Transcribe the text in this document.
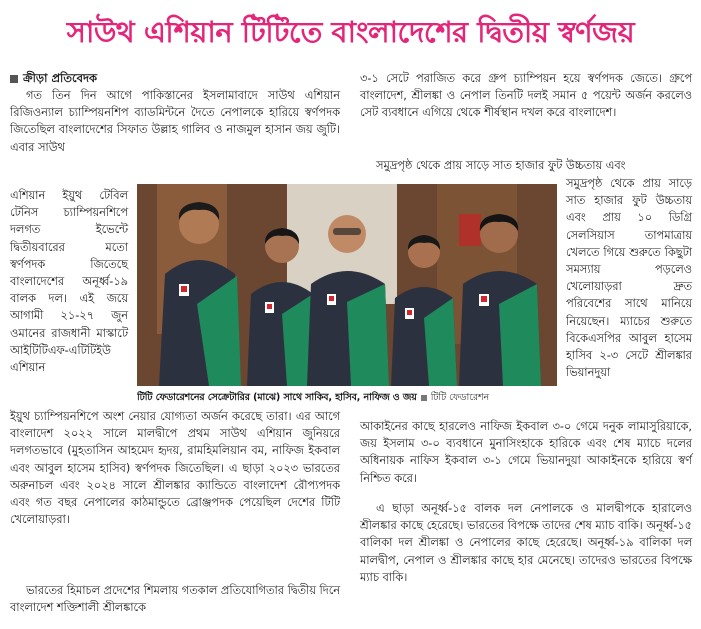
সাউথ এশিয়ান টিটিতে বাংলাদেশের দ্বিতীয় স্বর্ণজয়
ক্রীড়া প্রতিবেদক

গত তিন দিন আগে পাকিস্তানের ইসলামাবাদে সাউথ এশিয়ান রিজিওন্যাল চ্যাম্পিয়নশিপ ব্যাডমিন্টনে দৈতে নেপালকে হারিয়ে স্বর্ণপদক জিতেছিল বাংলাদেশের সিফাত উল্লাহ গালিব ও নাজমুল হাসান জয় জুটি। এবার সাউথ

এশিয়ান ইয়ুথ টেবিল টেনিস চ্যাম্পিয়নশিপে দলগত ইভেন্টে দ্বিতীয়বারের মতো স্বর্ণপদক জিতেছে বাংলাদেশের অনূর্ধ্ব-১৯ বালক দল। এই জয়ে আগামী ২১-২৭ জুন ওমানের রাজধানী মাস্কাটে আইটিটিএফ-এটিটিইউ এশিয়ান

ইয়ুথ চ্যাম্পিয়নশিপে অংশ নেয়ার যোগ্যতা অর্জন করেছে তারা। এর আগে বাংলাদেশ ২০২২ সালে মালদ্বীপে প্রথম সাউথ এশিয়ান জুনিয়রে দলগতভাবে (মুহতাসিন আহমেদ হৃদয়, রামহিমলিয়ান বম, নাফিজ ইকবাল এবং আবুল হাসেম হাসিব) স্বর্ণপদক জিতেছিল। এ ছাড়া ২০২৩ ভারতের অরুনাচল এবং ২০২৪ সালে শ্রীলঙ্কার ক্যান্ডিতে বাংলাদেশ রৌপ্যপদক এবং গত বছর নেপালের কাঠমান্ডুতে ব্রোঞ্জপদক পেয়েছিল দেশের টিটি খেলোয়াড়রা।

ভারতের হিমাচল প্রদেশের শিমলায় গতকাল প্রতিযোগিতার দ্বিতীয় দিনে বাংলাদেশ শক্তিশালী শ্রীলঙ্কাকে

৩-১ সেটে পরাজিত করে গ্রুপ চ্যাম্পিয়ন হয়ে স্বর্ণপদক জেতে। গ্রুপে বাংলাদেশ, শ্রীলঙ্কা ও নেপাল তিনটি দলই সমান ৫ পয়েন্ট অর্জন করলেও সেট ব্যবধানে এগিয়ে থেকে শীর্ষস্থান দখল করে বাংলাদেশ।

সমুদ্রপৃষ্ঠ থেকে প্রায় সাড়ে সাত হাজার ফুট উচ্চতায় এবং

সমুদ্রপৃষ্ঠ থেকে প্রায় সাড়ে সাত হাজার ফুট উচ্চতায় এবং প্রায় ১০ ডিগ্রি সেলসিয়াস তাপমাত্রায় খেলতে গিয়ে শুরুতে কিছুটা সমস্যায় পড়লেও খেলোয়াড়রা দ্রুত পরিবেশের সাথে মানিয়ে নিয়েছেন। ম্যাচের শুরুতে বিকেএসপির আবুল হাসেম হাসিব ২-৩ সেটে শ্রীলঙ্কার ভিয়ানদুয়া

আকাইনের কাছে হারলেও নাফিজ ইকবাল ৩-০ গেমে দনুক লামাসুরিয়াকে, জয় ইসলাম ৩-০ ব্যবধানে মুনাসিংহাকে হারিকে এবং শেষ ম্যাচে দলের অধিনায়ক নাফিস ইকবাল ৩-১ গেমে ভিয়ানদুয়া আকাইনকে হারিয়ে স্বর্ণ নিশ্চিত করে।

এ ছাড়া অনূর্ধ্ব-১৫ বালক দল নেপালকে ও মালদ্বীপকে হারালেও শ্রীলঙ্কার কাছে হেরেছে। ভারতের বিপক্ষে তাদের শেষ ম্যাচ বাকি। অনূর্ধ্ব-১৫ বালিকা দল শ্রীলঙ্কা ও নেপালের কাছে হেরেছে। অনূর্ধ্ব-১৯ বালিকা দল মালদ্বীপ, নেপাল ও শ্রীলঙ্কার কাছে হার মেনেছে। তাদেরও ভারতের বিপক্ষে ম্যাচ বাকি।

টিটি ফেডারেশনের সেক্রেটারির (মাঝে) সাথে সাকিব, হাসিব, নাফিজ ও জয় টিটি ফেডারেশন
